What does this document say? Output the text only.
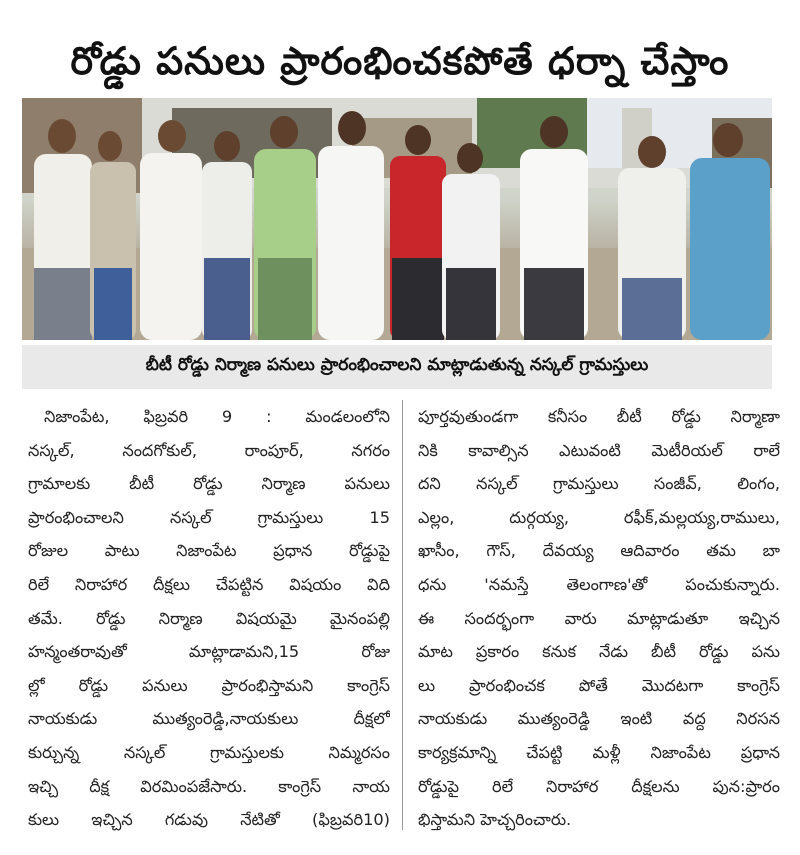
రోడ్డు పనులు ప్రారంభించకపోతే ధర్నా చేస్తాం
బీటీ రోడ్డు నిర్మాణ పనులు ప్రారంభించాలని మాట్లాడుతున్న నస్కల్ గ్రామస్తులు
నిజాంపేట, ఫిబ్రవరి 9 : మండలంలోని
నస్కల్, నందగోకుల్, రాంపూర్, నగరం
గ్రామాలకు బీటీ రోడ్డు నిర్మాణ పనులు
ప్రారంభించాలని నస్కల్ గ్రామస్తులు 15
రోజుల పాటు నిజాంపేట ప్రధాన రోడ్డుపై
రిలే నిరాహార దీక్షలు చేపట్టిన విషయం విది
తమే. రోడ్డు నిర్మాణ విషయమై మైనంపల్లి
హన్మంతరావుతో మాట్లాడామని,15 రోజు
ల్లో రోడ్డు పనులు ప్రారంభిస్తామని కాంగ్రెస్
నాయకుడు ముత్యంరెడ్డి,నాయకులు దీక్షలో
కుర్చున్న నస్కల్ గ్రామస్తులకు నిమ్మరసం
ఇచ్చి దీక్ష విరమింపజేసారు. కాంగ్రెస్ నాయ
కులు ఇచ్చిన గడువు నేటితో (ఫిబ్రవరి10)
పూర్తవుతుండగా కనీసం బీటీ రోడ్డు నిర్మాణా
నికి కావాల్సిన ఎటువంటి మెటీరియల్ రాలే
దని నస్కల్ గ్రామస్తులు సంజీవ్, లింగం,
ఎల్లం, దుర్గయ్య, రఫీక్,మల్లయ్య,రాములు,
ఖాసీం, గౌస్, దేవయ్య ఆదివారం తమ బా
ధను 'నమస్తే తెలంగాణ'తో పంచుకున్నారు.
ఈ సందర్భంగా వారు మాట్లాడుతూ ఇచ్చిన
మాట ప్రకారం కనుక నేడు బీటీ రోడ్డు పను
లు ప్రారంభించక పోతే మొదటగా కాంగ్రెస్
నాయకుడు ముత్యంరెడ్డి ఇంటి వద్ద నిరసన
కార్యక్రమాన్ని చేపట్టి మళ్లీ నిజాంపేట ప్రధాన
రోడ్డుపై రిలే నిరాహార దీక్షలను పున:ప్రారం
భిస్తామని హెచ్చరించారు.
